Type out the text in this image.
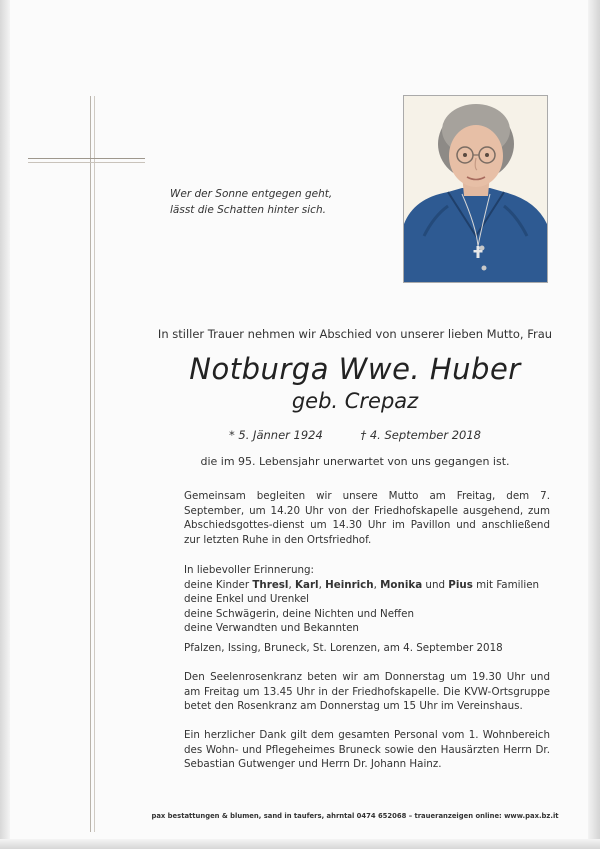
Wer der Sonne entgegen geht,
lässt die Schatten hinter sich.
In stiller Trauer nehmen wir Abschied von unserer lieben Mutto, Frau
Notburga Wwe. Huber
geb. Crepaz
* 5. Jänner 1924	† 4. September 2018
die im 95. Lebensjahr unerwartet von uns gegangen ist.
Gemeinsam begleiten wir unsere Mutto am Freitag, dem 7. September, um 14.20 Uhr von der Friedhofskapelle ausgehend, zum Abschiedsgottes-dienst um 14.30 Uhr im Pavillon und anschließend zur letzten Ruhe in den Ortsfriedhof.
In liebevoller Erinnerung:
deine Kinder Thresl, Karl, Heinrich, Monika und Pius mit Familien
deine Enkel und Urenkel
deine Schwägerin, deine Nichten und Neffen
deine Verwandten und Bekannten
Pfalzen, Issing, Bruneck, St. Lorenzen, am 4. September 2018
Den Seelenrosenkranz beten wir am Donnerstag um 19.30 Uhr und am Freitag um 13.45 Uhr in der Friedhofskapelle. Die KVW-Ortsgruppe betet den Rosenkranz am Donnerstag um 15 Uhr im Vereinshaus.
Ein herzlicher Dank gilt dem gesamten Personal vom 1. Wohnbereich des Wohn- und Pflegeheimes Bruneck sowie den Hausärzten Herrn Dr. Sebastian Gutwenger und Herrn Dr. Johann Hainz.
pax bestattungen & blumen, sand in taufers, ahrntal 0474 652068 – traueranzeigen online: www.pax.bz.it
